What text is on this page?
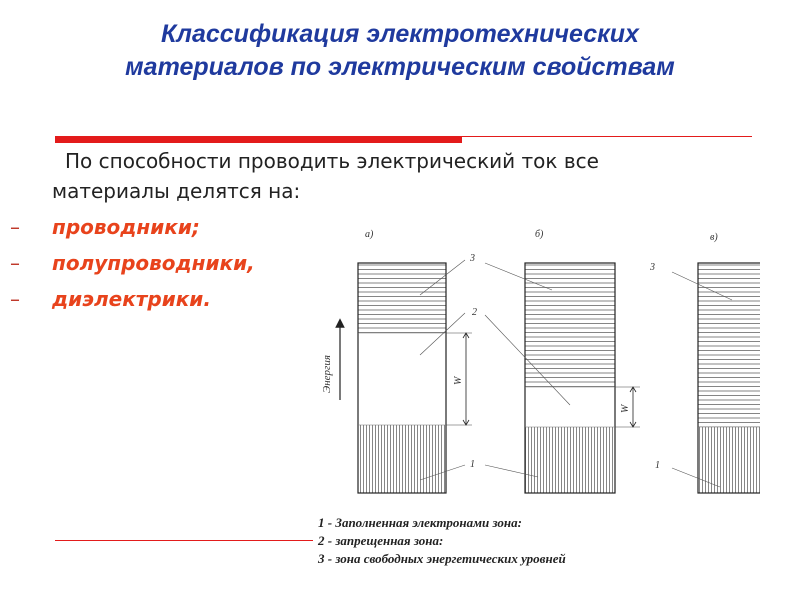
Классификация электротехнических
материалов по электрическим свойствам
По способности проводить электрический ток все
материалы делятся на:
– проводники;
– полупроводники,
– диэлектрики.
а)	б)	в)
Энергия	W
3
2
1
W
3
1
1 - Заполненная электронами зона:
2 - запрещенная зона:
3 - зона свободных энергетических уровней
